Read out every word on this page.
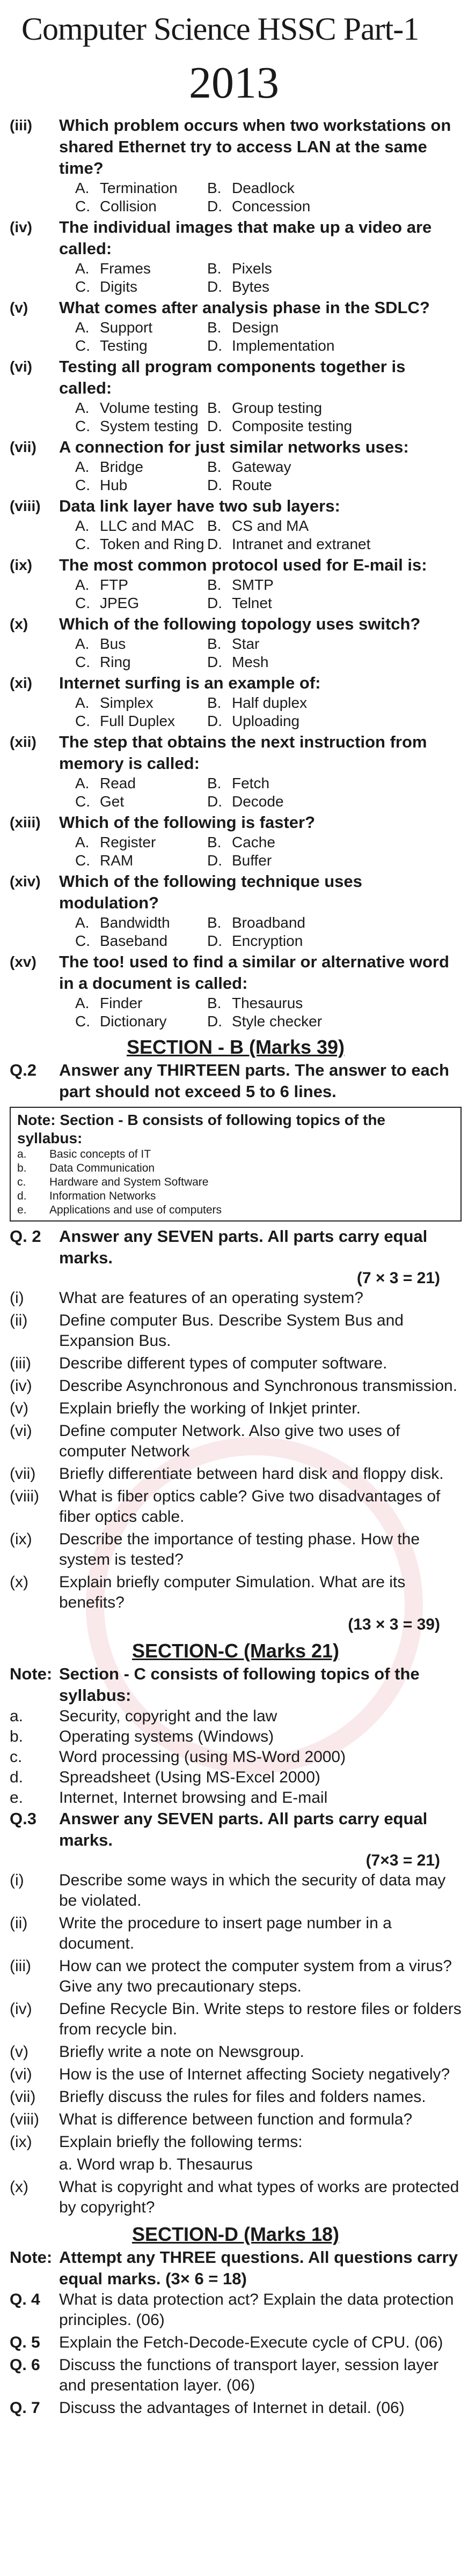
Computer Science HSSC Part-1
2013
(iii)	Which problem occurs when two workstations on shared Ethernet try to access LAN at the same time?
A. Termination	B. Deadlock
C. Collision	D. Concession
(iv)	The individual images that make up a video are called:
A. Frames	B. Pixels
C. Digits	D. Bytes
(v)	What comes after analysis phase in the SDLC?
A. Support	B. Design
C. Testing	D. Implementation
(vi)	Testing all program components together is called:
A. Volume testing B. Group testing
C. System testing D. Composite testing
(vii)	A connection for just similar networks uses:
A. Bridge	B. Gateway
C. Hub	D. Route
(viii)	Data link layer have two sub layers:
A. LLC and MAC B. CS and MA
C. Token and Ring D. Intranet and extranet
(ix)	The most common protocol used for E-mail is:
A. FTP	B. SMTP
C. JPEG	D. Telnet
(x)	Which of the following topology uses switch?
A. Bus	B. Star
C. Ring	D. Mesh
(xi)	Internet surfing is an example of:
A. Simplex	B. Half duplex
C. Full Duplex	D. Uploading
(xii)	The step that obtains the next instruction from memory is called:
A. Read	B. Fetch
C. Get	D. Decode
(xiii)	Which of the following is faster?
A. Register	B. Cache
C. RAM	D. Buffer
(xiv)	Which of the following technique uses modulation?
A. Bandwidth	B. Broadband
C. Baseband	D. Encryption
(xv)	The too! used to find a similar or alternative word in a document is called:
A. Finder	B. Thesaurus
C. Dictionary	D. Style checker
SECTION - B (Marks 39)
Q.2	Answer any THIRTEEN parts. The answer to each part should not exceed 5 to 6 lines.
Note: Section - B consists of following topics of the syllabus:
a.	Basic concepts of IT
b.	Data Communication
c.	Hardware and System Software
d.	Information Networks
e.	Applications and use of computers
Q. 2	Answer any SEVEN parts. All parts carry equal marks.
(7 × 3 = 21)
(i)	What are features of an operating system?
(ii)	Define computer Bus. Describe System Bus and Expansion Bus.
(iii)	Describe different types of computer software.
(iv)	Describe Asynchronous and Synchronous transmission.
(v)	Explain briefly the working of Inkjet printer.
(vi)	Define computer Network. Also give two uses of computer Network
(vii)	Briefly differentiate between hard disk and floppy disk.
(viii)	What is fiber optics cable? Give two disadvantages of fiber optics cable.
(ix)	Describe the importance of testing phase. How the system is tested?
(x)	Explain briefly computer Simulation. What are its benefits?
(13 × 3 = 39)
SECTION-C (Marks 21)
Note: Section - C consists of following topics of the syllabus:
a.	Security, copyright and the law
b.	Operating systems (Windows)
c.	Word processing (using MS-Word 2000)
d.	Spreadsheet (Using MS-Excel 2000)
e.	Internet, Internet browsing and E-mail
Q.3	Answer any SEVEN parts. All parts carry equal marks.
(7×3 = 21)
(i)	Describe some ways in which the security of data may be violated.
(ii)	Write the procedure to insert page number in a document.
(iii)	How can we protect the computer system from a virus? Give any two precautionary steps.
(iv)	Define Recycle Bin. Write steps to restore files or folders from recycle bin.
(v)	Briefly write a note on Newsgroup.
(vi)	How is the use of Internet affecting Society negatively?
(vii)	Briefly discuss the rules for files and folders names.
(viii)	What is difference between function and formula?
(ix)	Explain briefly the following terms:
a. Word wrap b. Thesaurus
(x)	What is copyright and what types of works are protected by copyright?
SECTION-D (Marks 18)
Note: Attempt any THREE questions. All questions carry equal marks. (3× 6 = 18)
Q. 4	What is data protection act? Explain the data protection principles. (06)
Q. 5	Explain the Fetch-Decode-Execute cycle of CPU. (06)
Q. 6	Discuss the functions of transport layer, session layer and presentation layer. (06)
Q. 7	Discuss the advantages of Internet in detail. (06)
